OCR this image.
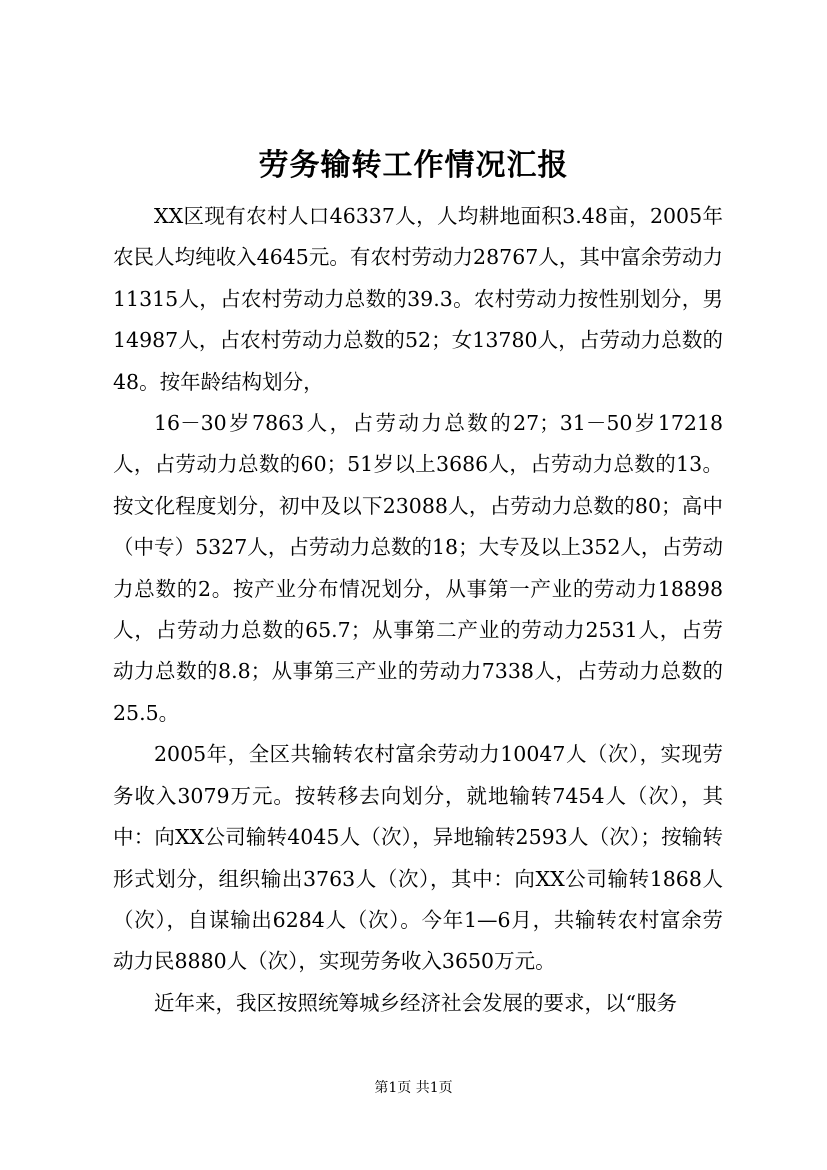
劳务输转工作情况汇报

XX区现有农村人口46337人，人均耕地面积3.48亩，2005年农民人均纯收入4645元。有农村劳动力28767人，其中富余劳动力11315人，占农村劳动力总数的39.3。农村劳动力按性别划分，男14987人，占农村劳动力总数的52；女13780人，占劳动力总数的48。按年龄结构划分，

16－30岁7863人，占劳动力总数的27；31－50岁17218人，占劳动力总数的60；51岁以上3686人，占劳动力总数的13。按文化程度划分，初中及以下23088人，占劳动力总数的80；高中（中专）5327人，占劳动力总数的18；大专及以上352人，占劳动力总数的2。按产业分布情况划分，从事第一产业的劳动力18898人，占劳动力总数的65.7；从事第二产业的劳动力2531人，占劳动力总数的8.8；从事第三产业的劳动力7338人，占劳动力总数的25.5。

2005年，全区共输转农村富余劳动力10047人（次），实现劳务收入3079万元。按转移去向划分，就地输转7454人（次），其中：向XX公司输转4045人（次），异地输转2593人（次）；按输转形式划分，组织输出3763人（次），其中：向XX公司输转1868人（次），自谋输出6284人（次）。今年1—6月，共输转农村富余劳动力民8880人（次），实现劳务收入3650万元。

近年来，我区按照统筹城乡经济社会发展的要求，以“服务

第1页 共1页
